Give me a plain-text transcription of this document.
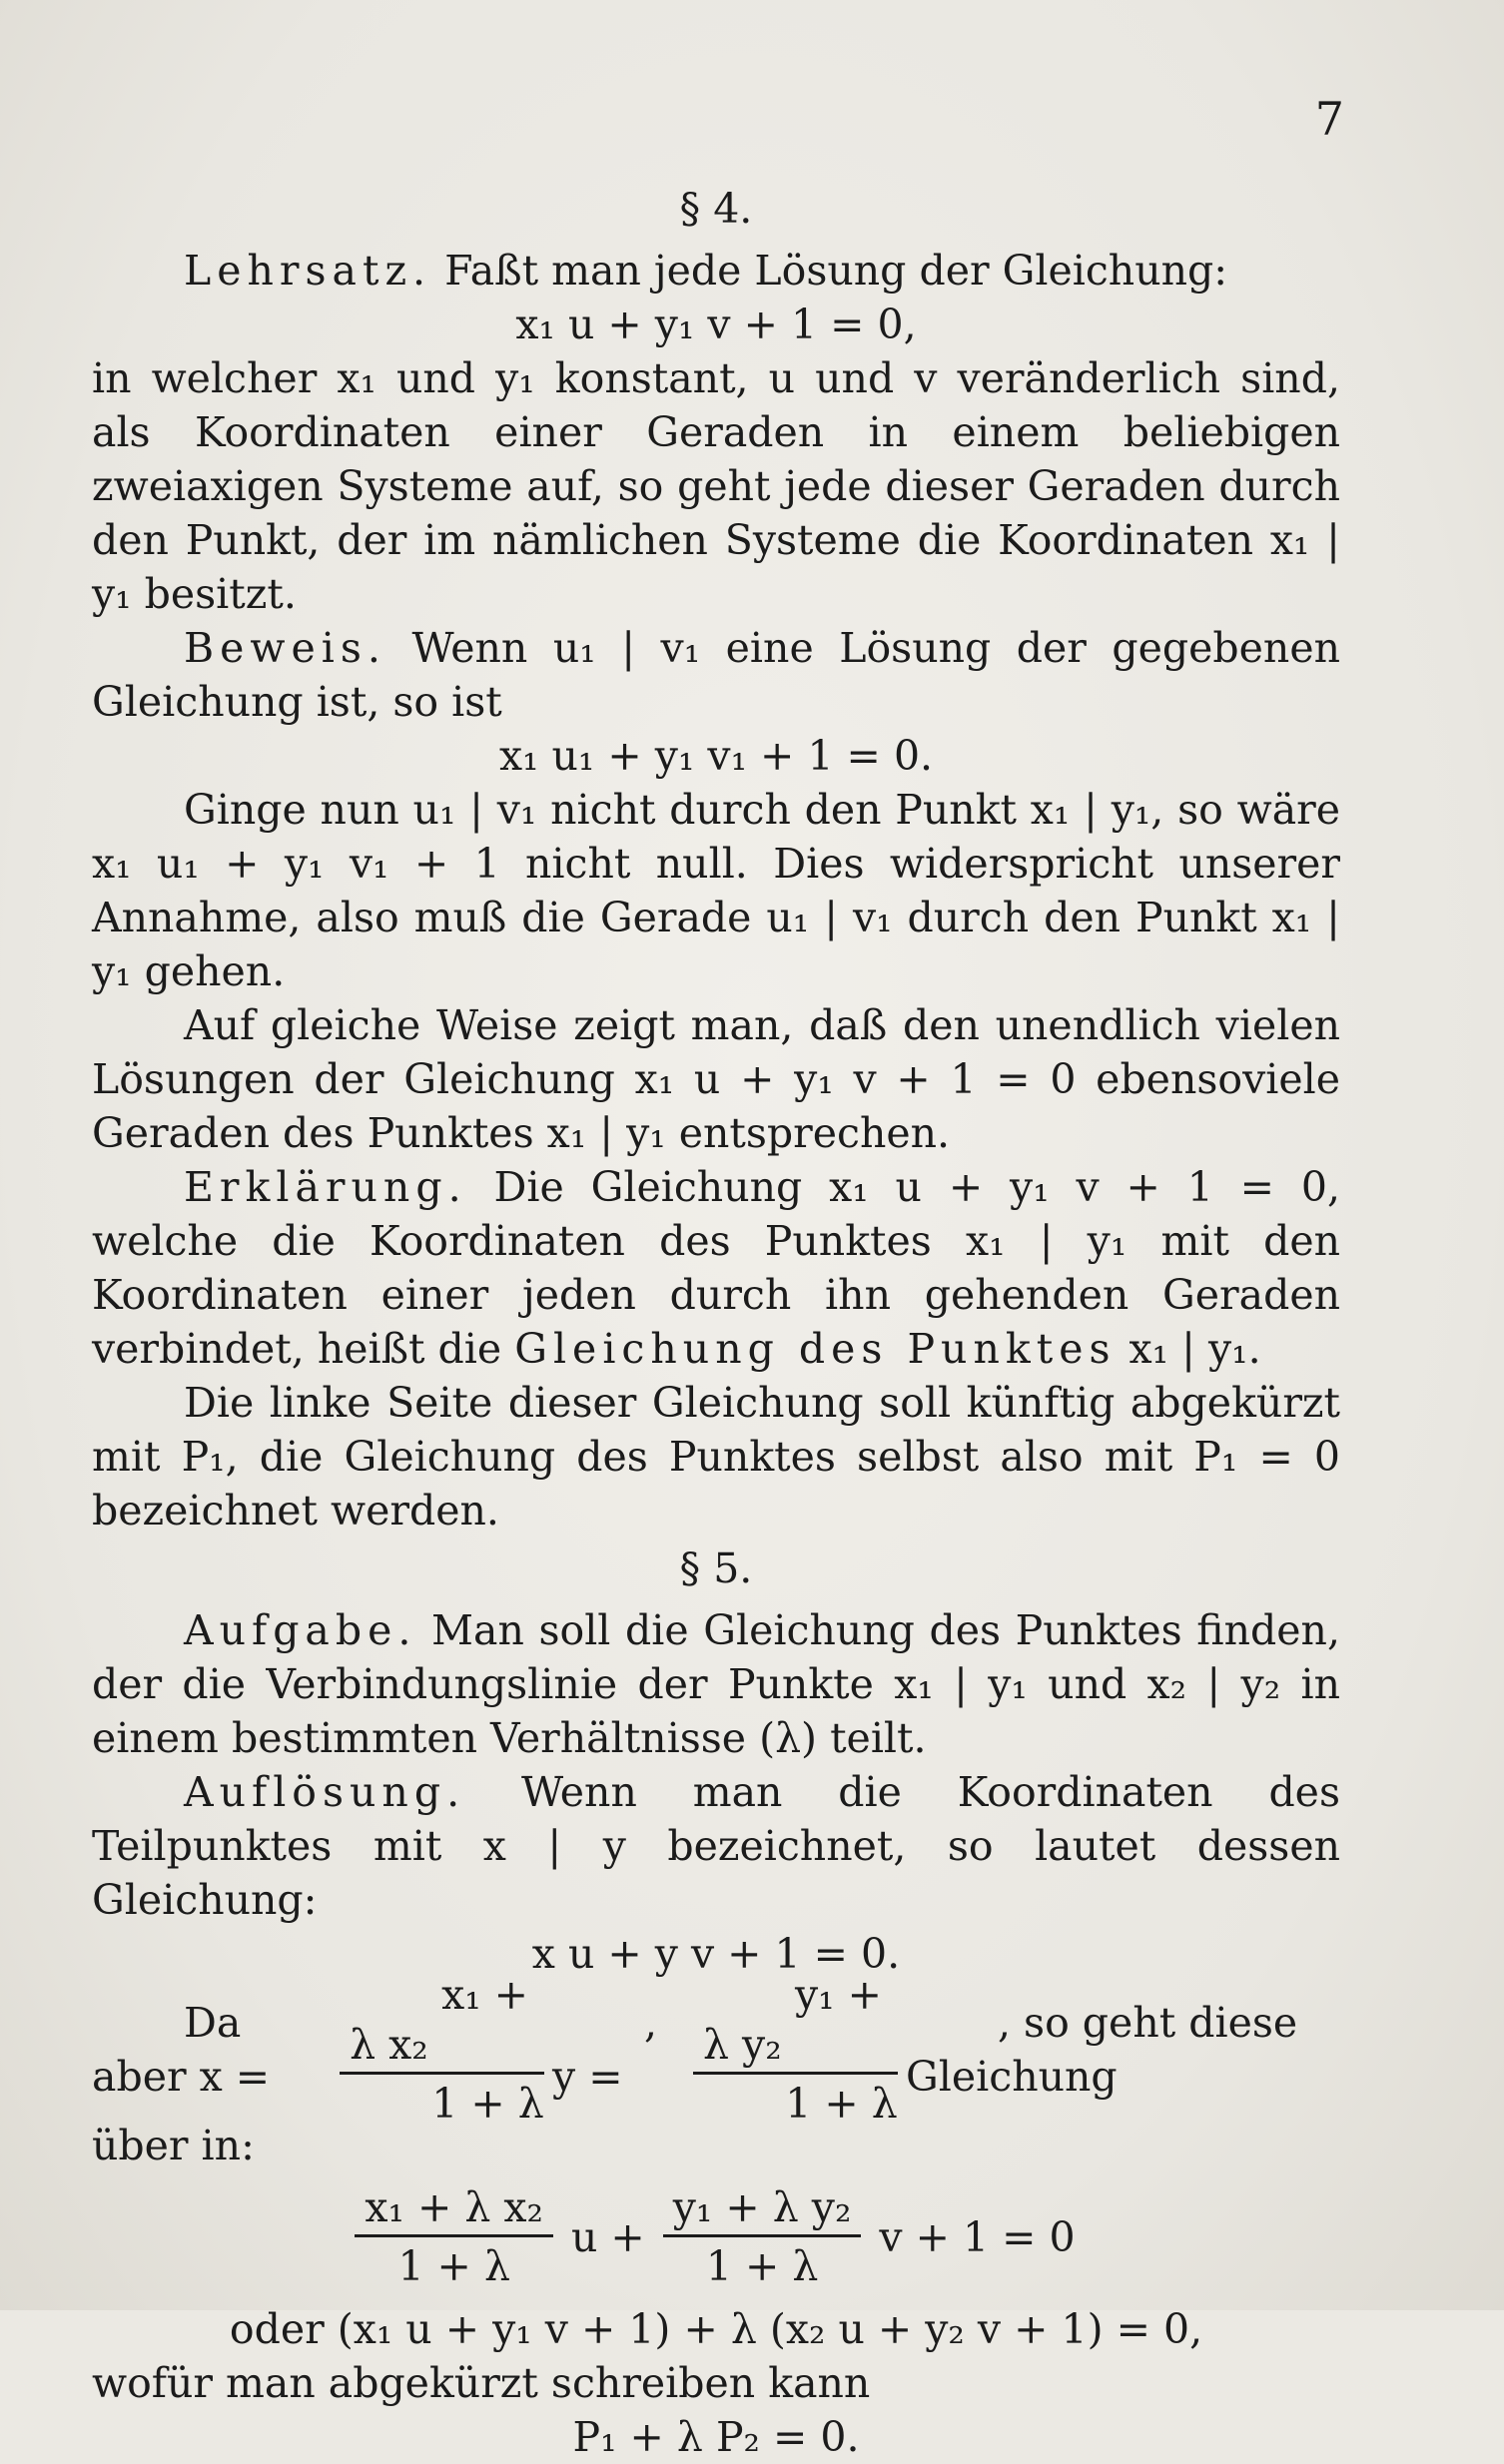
7
§ 4.
Lehrsatz. Faßt man jede Lösung der Gleichung:
x₁ u + y₁ v + 1 = 0,
in welcher x₁ und y₁ konstant, u und v veränderlich sind, als Koordinaten einer Geraden in einem beliebigen zweiaxigen Systeme auf, so geht jede dieser Geraden durch den Punkt, der im nämlichen Systeme die Koordinaten x₁ | y₁ besitzt.
Beweis. Wenn u₁ | v₁ eine Lösung der gegebenen Gleichung ist, so ist
x₁ u₁ + y₁ v₁ + 1 = 0.
Ginge nun u₁ | v₁ nicht durch den Punkt x₁ | y₁, so wäre x₁ u₁ + y₁ v₁ + 1 nicht null. Dies widerspricht unserer Annahme, also muß die Gerade u₁ | v₁ durch den Punkt x₁ | y₁ gehen.
Auf gleiche Weise zeigt man, daß den unendlich vielen Lösungen der Gleichung x₁ u + y₁ v + 1 = 0 ebensoviele Geraden des Punktes x₁ | y₁ entsprechen.
Erklärung. Die Gleichung x₁ u + y₁ v + 1 = 0, welche die Koordinaten des Punktes x₁ | y₁ mit den Koordinaten einer jeden durch ihn gehenden Geraden verbindet, heißt die Gleichung des Punktes x₁ | y₁.
Die linke Seite dieser Gleichung soll künftig abgekürzt mit P₁, die Gleichung des Punktes selbst also mit P₁ = 0 bezeichnet werden.
§ 5.
Aufgabe. Man soll die Gleichung des Punktes finden, der die Verbindungslinie der Punkte x₁ | y₁ und x₂ | y₂ in einem bestimmten Verhältnisse (λ) teilt.
Auflösung. Wenn man die Koordinaten des Teilpunktes mit x | y bezeichnet, so lautet dessen Gleichung:
x u + y v + 1 = 0.
Da aber x =	$\frac{\text{x₁ + λ x₂}}{1 + \lambda}$	, y =	$\frac{\text{y₁ + λ y₂}}{1 + \lambda}$	, so geht diese Gleichung
über in:
$\frac{\text{x₁ + λ x₂}}{1 + \lambda}$ $u + \frac{\text{y₁ + λ y₂}}{1 + \lambda}$ v + 1 = 0
oder (x₁ u + y₁ v + 1) + λ (x₂ u + y₂ v + 1) = 0,
wofür man abgekürzt schreiben kann
P₁ + λ P₂ = 0.
